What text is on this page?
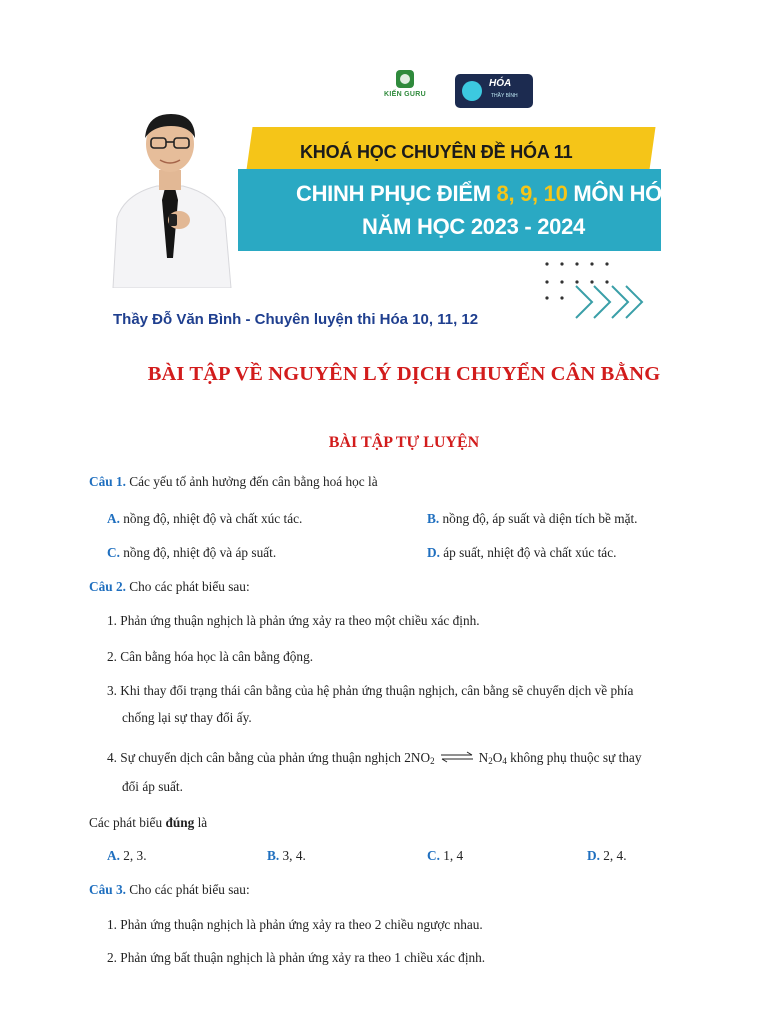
KIẾN GURU
HÓA
THẦY BÌNH
KHOÁ HỌC CHUYÊN ĐỀ HÓA 11
CHINH PHỤC ĐIỂM 8, 9, 10 MÔN HÓA
NĂM HỌC 2023 - 2024
Thầy Đỗ Văn Bình - Chuyên luyện thi Hóa 10, 11, 12
BÀI TẬP VỀ NGUYÊN LÝ DỊCH CHUYỂN CÂN BẰNG
BÀI TẬP TỰ LUYỆN
Câu 1. Các yếu tố ảnh hưởng đến cân bằng hoá học là
A. nồng độ, nhiệt độ và chất xúc tác.	B. nồng độ, áp suất và diện tích bề mặt.
C. nồng độ, nhiệt độ và áp suất.	D. áp suất, nhiệt độ và chất xúc tác.
Câu 2. Cho các phát biểu sau:
1. Phản ứng thuận nghịch là phản ứng xảy ra theo một chiều xác định.
2. Cân bằng hóa học là cân bằng động.
3. Khi thay đổi trạng thái cân bằng của hệ phản ứng thuận nghịch, cân bằng sẽ chuyển dịch về phía
chống lại sự thay đổi ấy.
4. Sự chuyển dịch cân bằng của phản ứng thuận nghịch $2NO_2$ ⇌ $N_2O_4$ không phụ thuộc sự thay
đổi áp suất.
Các phát biểu đúng là
A. 2, 3.	B. 3, 4.	C. 1, 4	D. 2, 4.
Câu 3. Cho các phát biểu sau:
1. Phản ứng thuận nghịch là phản ứng xảy ra theo 2 chiều ngược nhau.
2. Phản ứng bất thuận nghịch là phản ứng xảy ra theo 1 chiều xác định.
